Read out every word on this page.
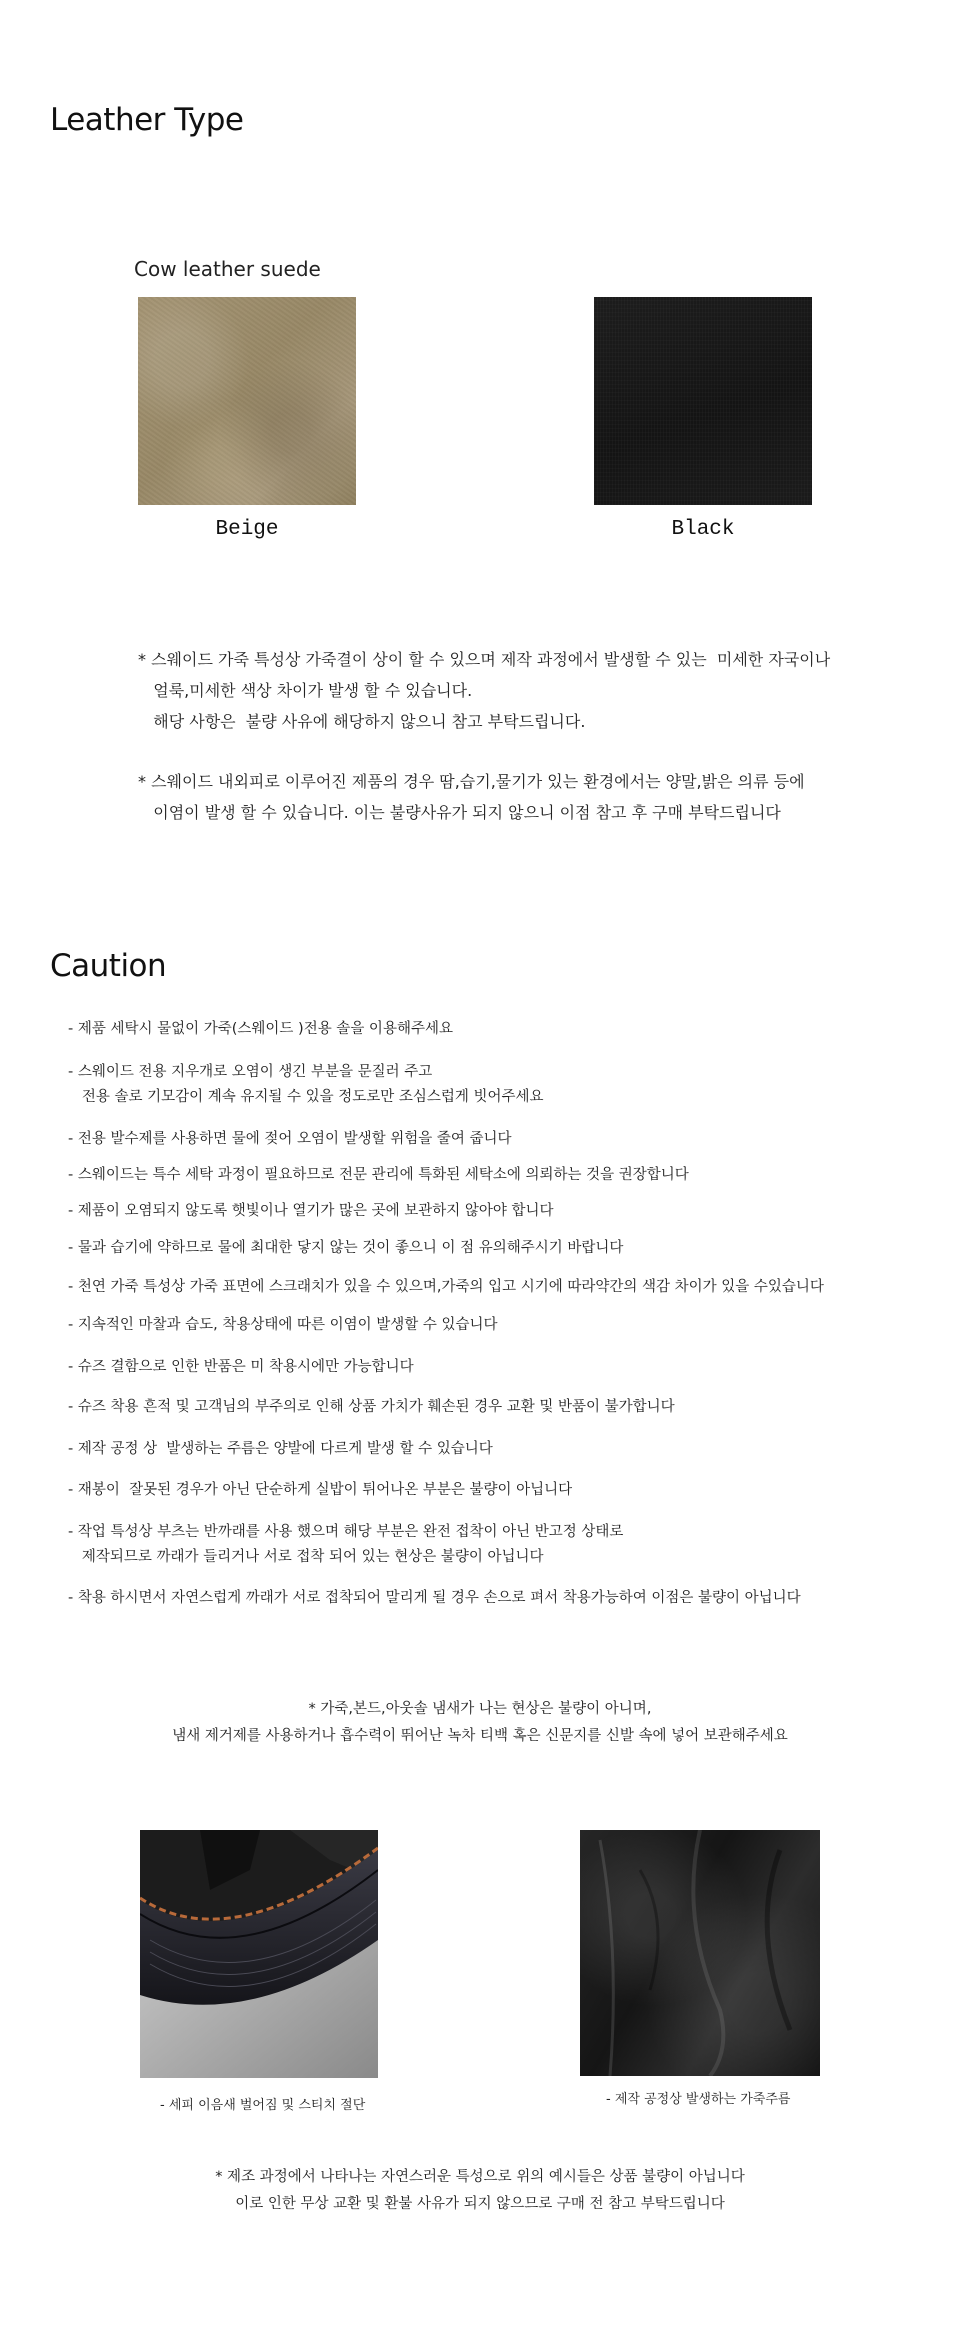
Leather Type
Cow leather suede
Beige	Black

* 스웨이드 가죽 특성상 가죽결이 상이 할 수 있으며 제작 과정에서 발생할 수 있는  미세한 자국이나

얼룩,미세한 색상 차이가 발생 할 수 있습니다.

해당 사항은  불량 사유에 해당하지 않으니 참고 부탁드립니다.

* 스웨이드 내외피로 이루어진 제품의 경우 땀,습기,물기가 있는 환경에서는 양말,밝은 의류 등에

이염이 발생 할 수 있습니다. 이는 불량사유가 되지 않으니 이점 참고 후 구매 부탁드립니다

Caution
- 제품 세탁시 물없이 가죽(스웨이드 )전용 솔을 이용해주세요
- 스웨이드 전용 지우개로 오염이 생긴 부분을 문질러 주고
전용 솔로 기모감이 계속 유지될 수 있을 정도로만 조심스럽게 빗어주세요
- 전용 발수제를 사용하면 물에 젖어 오염이 발생할 위험을 줄여 줍니다
- 스웨이드는 특수 세탁 과정이 필요하므로 전문 관리에 특화된 세탁소에 의뢰하는 것을 권장합니다
- 제품이 오염되지 않도록 햇빛이나 열기가 많은 곳에 보관하지 않아야 합니다
- 물과 습기에 약하므로 물에 최대한 닿지 않는 것이 좋으니 이 점 유의해주시기 바랍니다
- 천연 가죽 특성상 가죽 표면에 스크래치가 있을 수 있으며,가죽의 입고 시기에 따라약간의 색감 차이가 있을 수있습니다
- 지속적인 마찰과 습도, 착용상태에 따른 이염이 발생할 수 있습니다
- 슈즈 결함으로 인한 반품은 미 착용시에만 가능합니다
- 슈즈 착용 흔적 및 고객님의 부주의로 인해 상품 가치가 훼손된 경우 교환 및 반품이 불가합니다
- 제작 공정 상  발생하는 주름은 양발에 다르게 발생 할 수 있습니다
- 재봉이  잘못된 경우가 아닌 단순하게 실밥이 튀어나온 부분은 불량이 아닙니다
- 작업 특성상 부츠는 반까래를 사용 했으며 해당 부분은 완전 접착이 아닌 반고정 상태로
제작되므로 까래가 들리거나 서로 접착 되어 있는 현상은 불량이 아닙니다
- 착용 하시면서 자연스럽게 까래가 서로 접착되어 말리게 될 경우 손으로 펴서 착용가능하여 이점은 불량이 아닙니다

* 가죽,본드,아웃솔 냄새가 나는 현상은 불량이 아니며,

냄새 제거제를 사용하거나 흡수력이 뛰어난 녹차 티백 혹은 신문지를 신발 속에 넣어 보관해주세요

- 세피 이음새 벌어짐 및 스티치 절단	- 제작 공정상 발생하는 가죽주름

* 제조 과정에서 나타나는 자연스러운 특성으로 위의 예시들은 상품 불량이 아닙니다

이로 인한 무상 교환 및 환불 사유가 되지 않으므로 구매 전 참고 부탁드립니다
